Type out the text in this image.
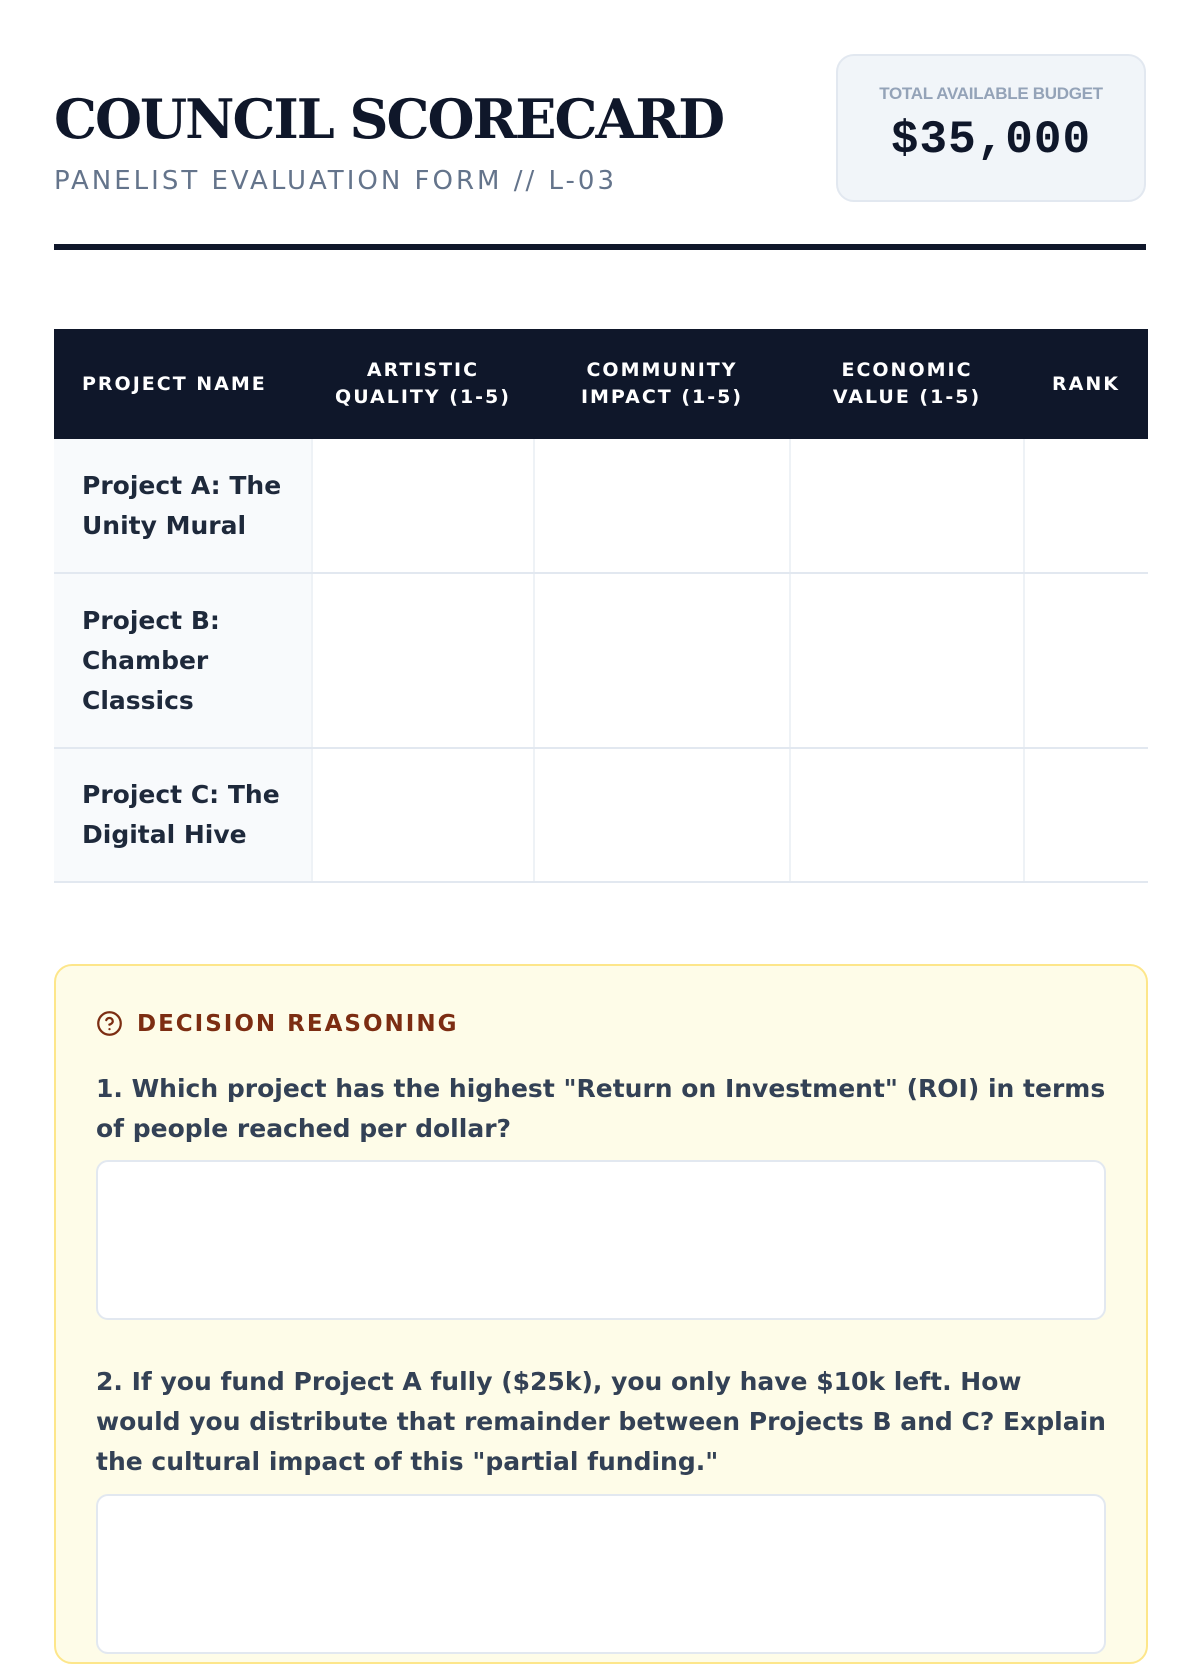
COUNCIL SCORECARD
PANELIST EVALUATION FORM // L-03
TOTAL AVAILABLE BUDGET
$35,000
PROJECT NAME	ARTISTIC QUALITY (1-5)	COMMUNITY IMPACT (1-5)	ECONOMIC VALUE (1-5)	RANK
Project A: The Unity Mural				
Project B: Chamber Classics				
Project C: The Digital Hive				
DECISION REASONING
1. Which project has the highest "Return on Investment" (ROI) in terms of people reached per dollar?
2. If you fund Project A fully ($25k), you only have $10k left. How would you distribute that remainder between Projects B and C? Explain the cultural impact of this "partial funding."
